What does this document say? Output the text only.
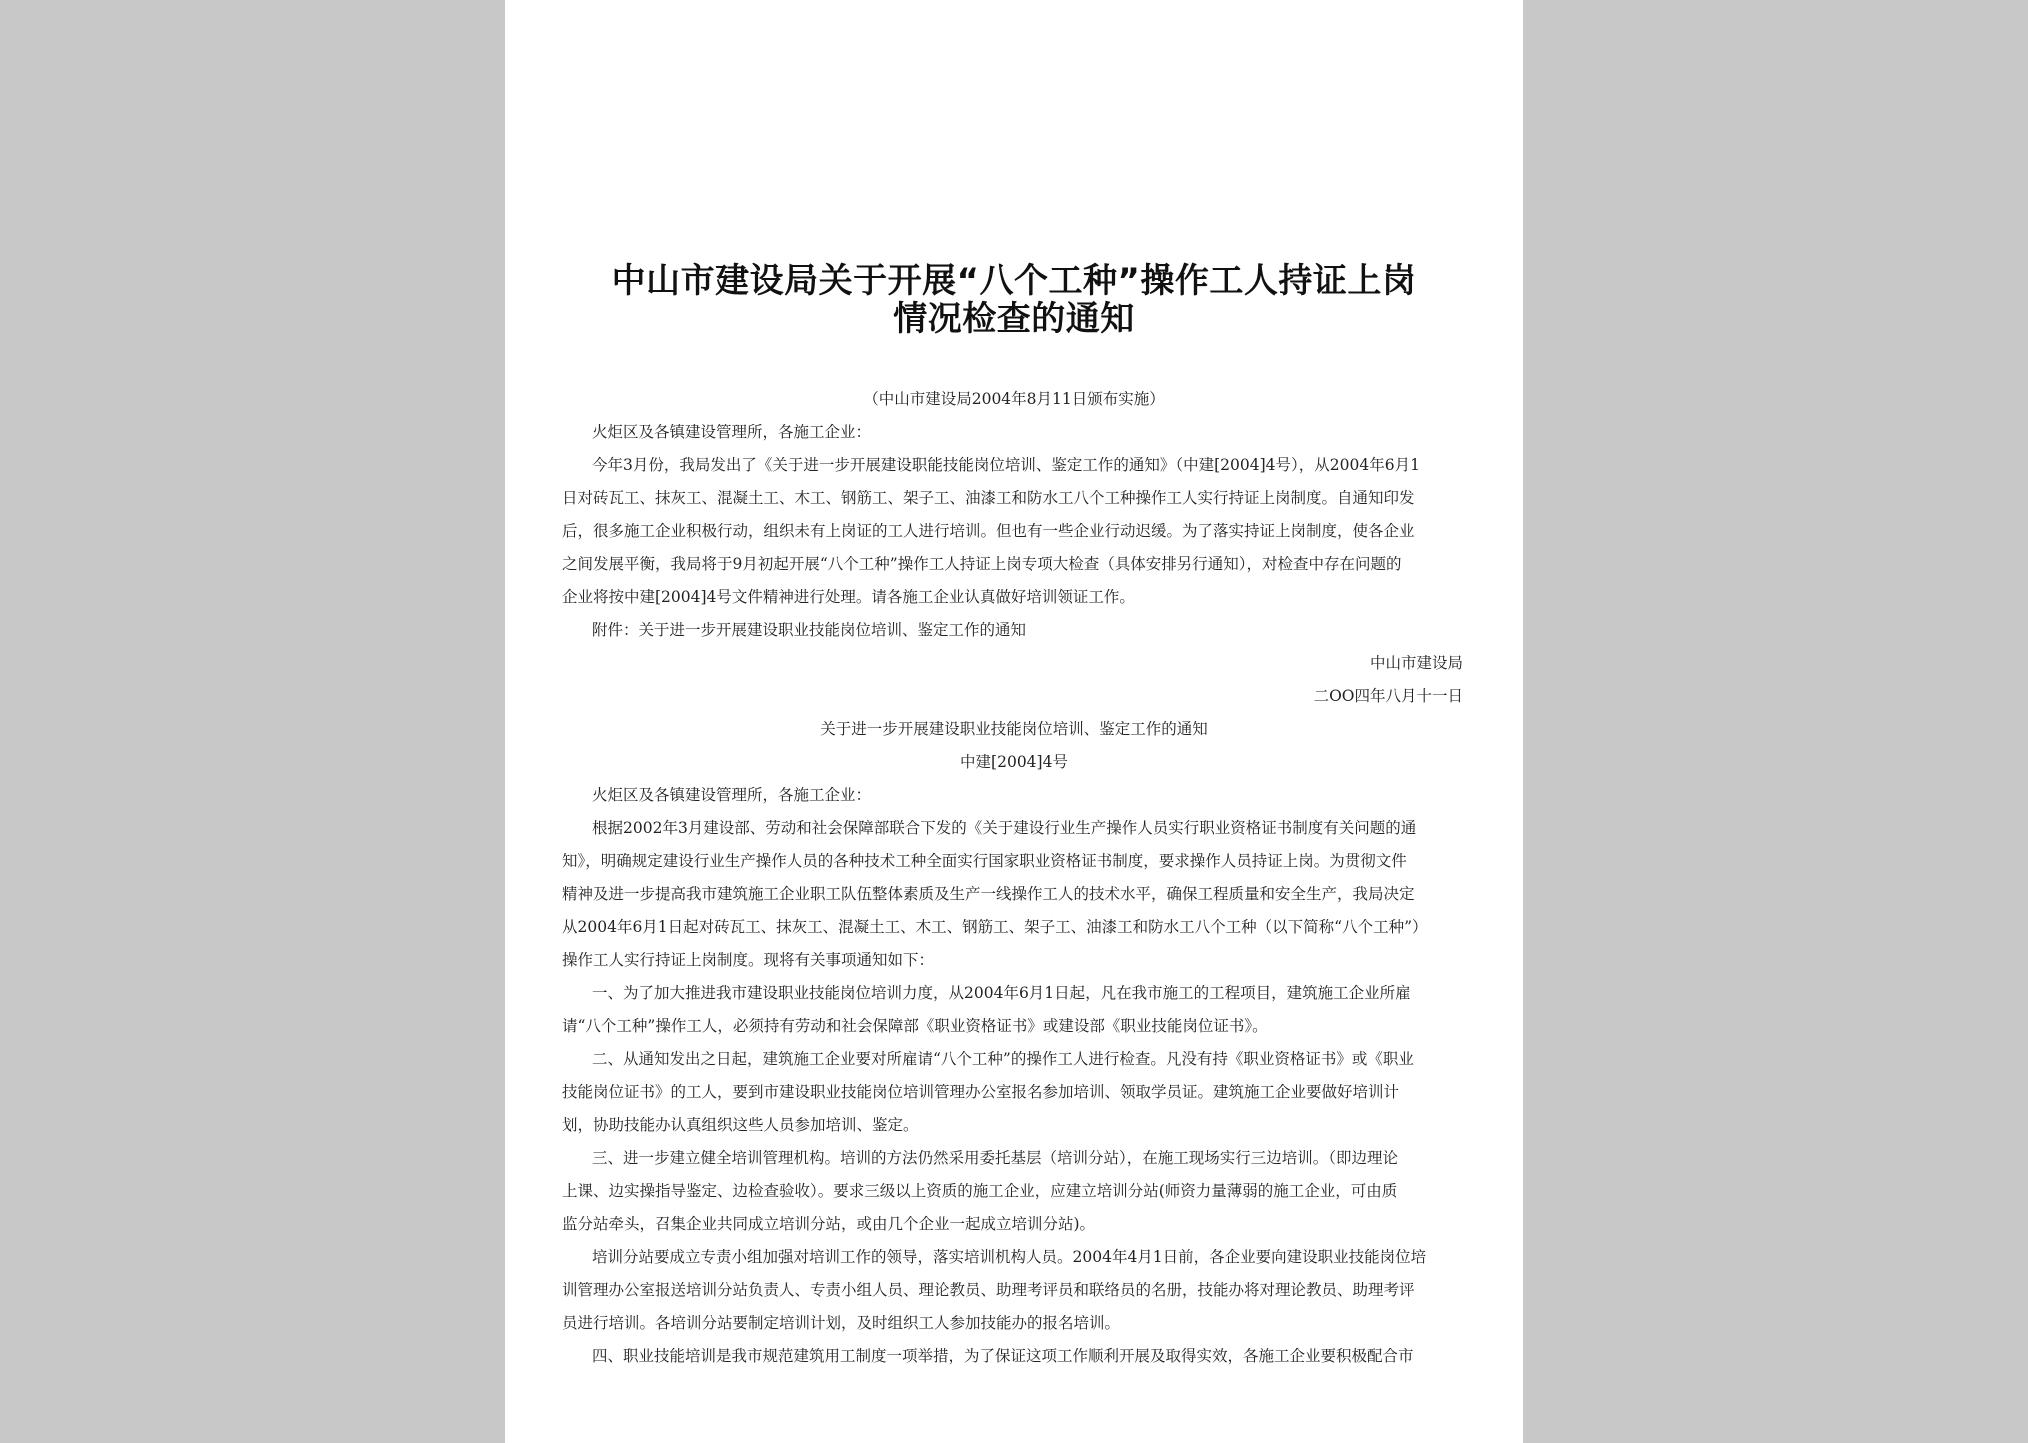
中山市建设局关于开展“八个工种”操作工人持证上岗
情况检查的通知
（中山市建设局2004年8月11日颁布实施）
火炬区及各镇建设管理所，各施工企业：
今年3月份，我局发出了《关于进一步开展建设职能技能岗位培训、鉴定工作的通知》（中建[2004]4号），从2004年6月1
日对砖瓦工、抹灰工、混凝土工、木工、钢筋工、架子工、油漆工和防水工八个工种操作工人实行持证上岗制度。自通知印发
后，很多施工企业积极行动，组织未有上岗证的工人进行培训。但也有一些企业行动迟缓。为了落实持证上岗制度，使各企业
之间发展平衡，我局将于9月初起开展“八个工种”操作工人持证上岗专项大检查（具体安排另行通知），对检查中存在问题的
企业将按中建[2004]4号文件精神进行处理。请各施工企业认真做好培训领证工作。
附件：关于进一步开展建设职业技能岗位培训、鉴定工作的通知
中山市建设局
二OO四年八月十一日
关于进一步开展建设职业技能岗位培训、鉴定工作的通知
中建[2004]4号
火炬区及各镇建设管理所，各施工企业：
根据2002年3月建设部、劳动和社会保障部联合下发的《关于建设行业生产操作人员实行职业资格证书制度有关问题的通
知》，明确规定建设行业生产操作人员的各种技术工种全面实行国家职业资格证书制度，要求操作人员持证上岗。为贯彻文件
精神及进一步提高我市建筑施工企业职工队伍整体素质及生产一线操作工人的技术水平，确保工程质量和安全生产，我局决定
从2004年6月1日起对砖瓦工、抹灰工、混凝土工、木工、钢筋工、架子工、油漆工和防水工八个工种（以下简称“八个工种”）
操作工人实行持证上岗制度。现将有关事项通知如下：
一、为了加大推进我市建设职业技能岗位培训力度，从2004年6月1日起，凡在我市施工的工程项目，建筑施工企业所雇
请“八个工种”操作工人，必须持有劳动和社会保障部《职业资格证书》或建设部《职业技能岗位证书》。
二、从通知发出之日起，建筑施工企业要对所雇请“八个工种”的操作工人进行检查。凡没有持《职业资格证书》或《职业
技能岗位证书》的工人，要到市建设职业技能岗位培训管理办公室报名参加培训、领取学员证。建筑施工企业要做好培训计
划，协助技能办认真组织这些人员参加培训、鉴定。
三、进一步建立健全培训管理机构。培训的方法仍然采用委托基层（培训分站），在施工现场实行三边培训。（即边理论
上课、边实操指导鉴定、边检查验收）。要求三级以上资质的施工企业，应建立培训分站(师资力量薄弱的施工企业，可由质
监分站牵头，召集企业共同成立培训分站，或由几个企业一起成立培训分站)。
培训分站要成立专责小组加强对培训工作的领导，落实培训机构人员。2004年4月1日前，各企业要向建设职业技能岗位培
训管理办公室报送培训分站负责人、专责小组人员、理论教员、助理考评员和联络员的名册，技能办将对理论教员、助理考评
员进行培训。各培训分站要制定培训计划，及时组织工人参加技能办的报名培训。
四、职业技能培训是我市规范建筑用工制度一项举措，为了保证这项工作顺利开展及取得实效，各施工企业要积极配合市
